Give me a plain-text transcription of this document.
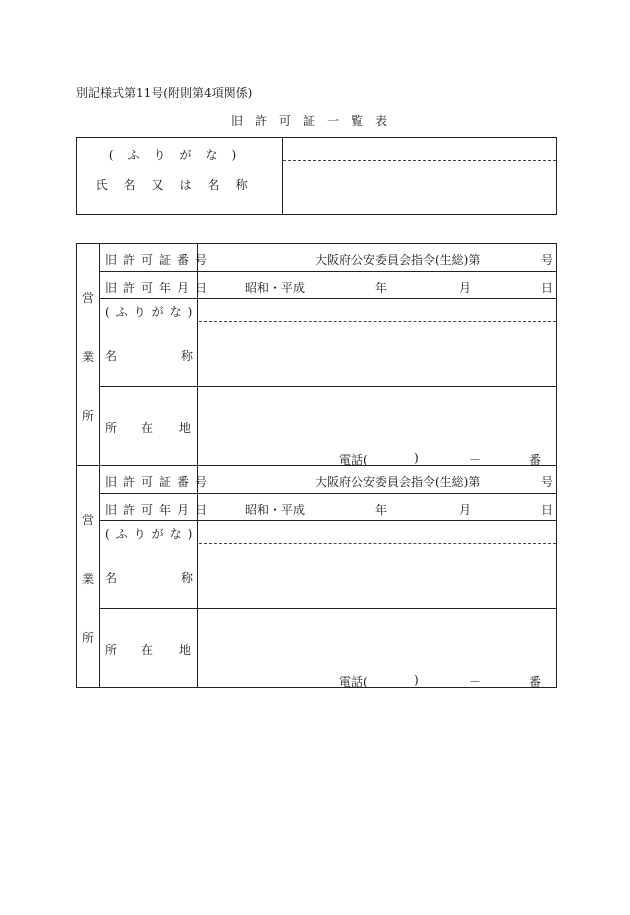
別記様式第11号(附則第4項関係)
旧許可証一覧表
(ふりがな)
氏名又は名称
営
業
所
旧許可証番号	大阪府公安委員会指令(生総)第	号
旧許可年月日	昭和・平成	年	月	日
(ふりがな)
名	称
所 在 地
電話(	)	－	番
営
業
所
旧許可証番号	大阪府公安委員会指令(生総)第	号
旧許可年月日	昭和・平成	年	月	日
(ふりがな)
名	称
所 在 地
電話(	)	－	番
